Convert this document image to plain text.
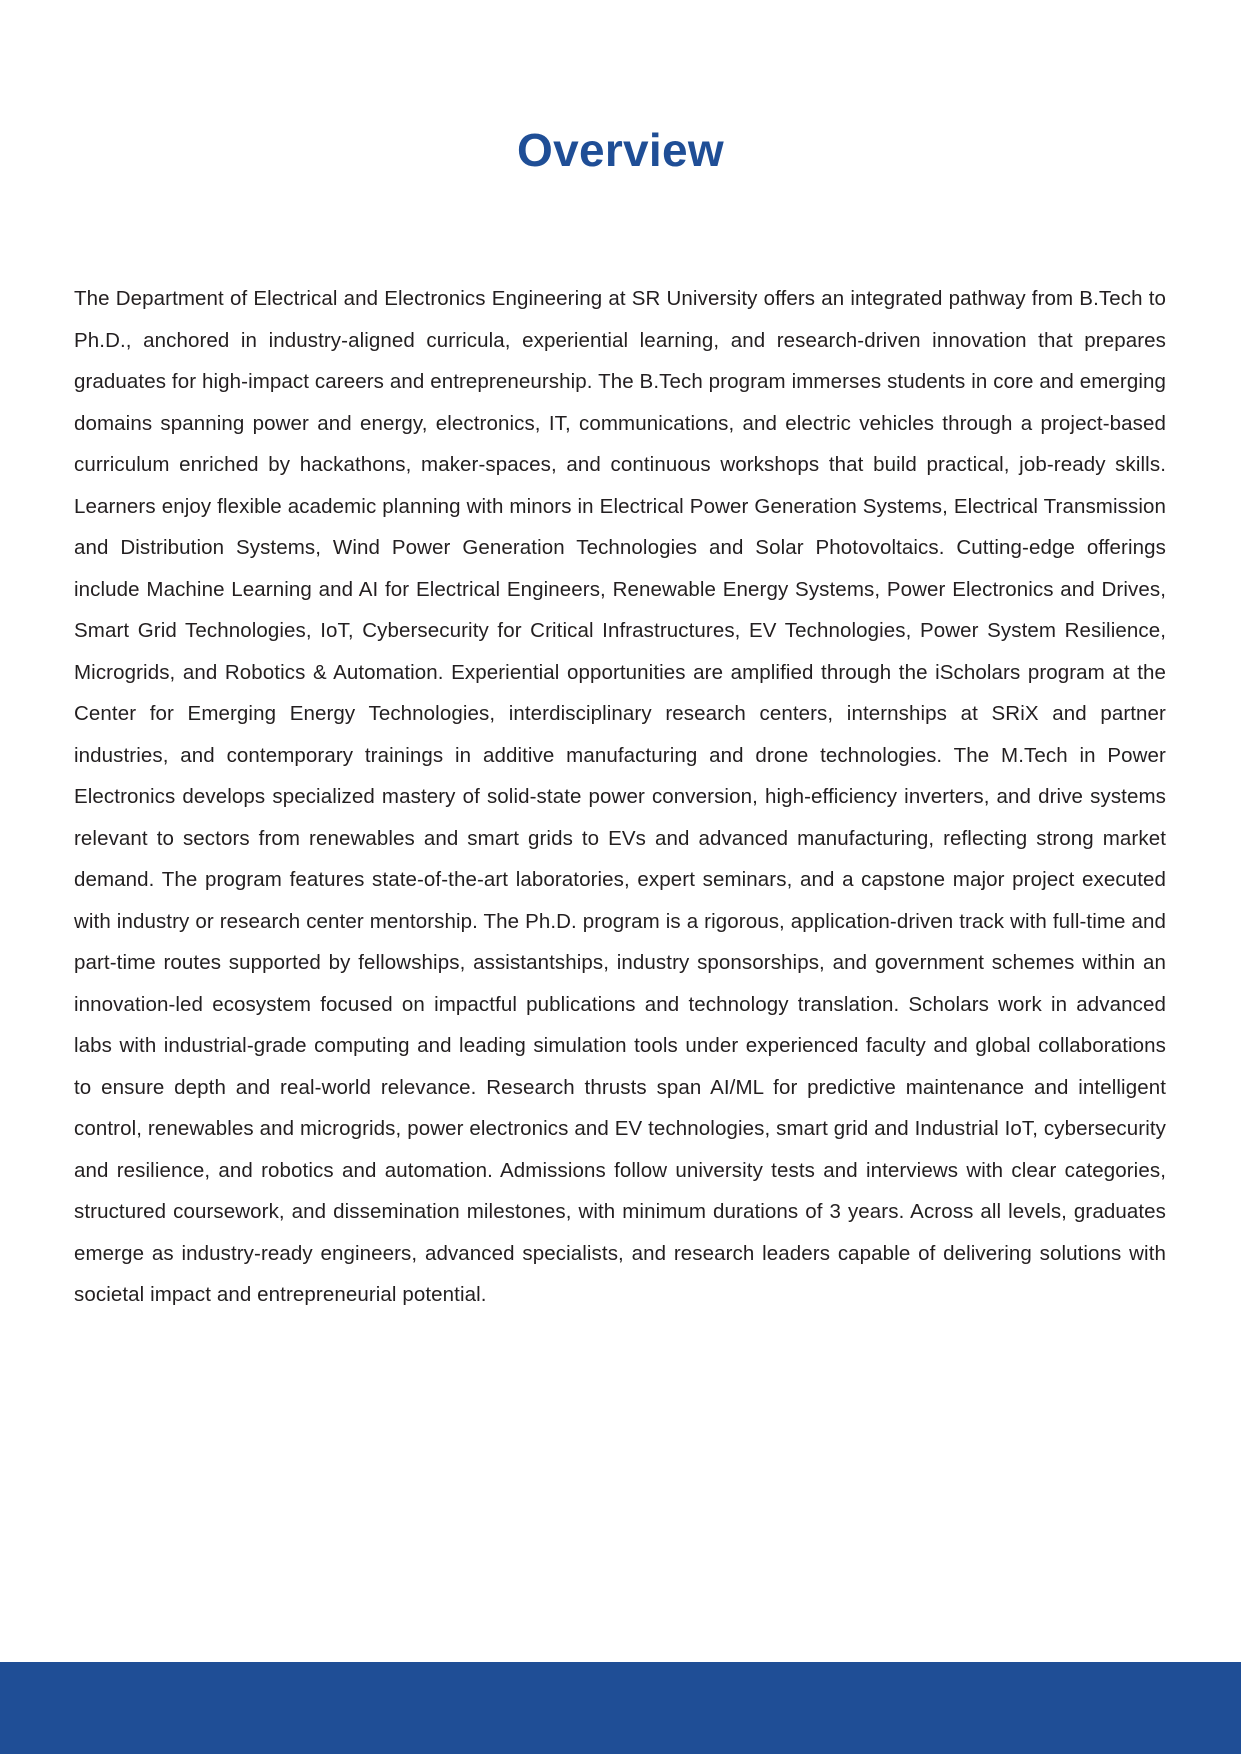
Overview

The Department of Electrical and Electronics Engineering at SR University offers an integrated pathway from B.Tech to Ph.D., anchored in industry-aligned curricula, experiential learning, and research-driven innovation that prepares graduates for high-impact careers and entrepreneurship. The B.Tech program immerses students in core and emerging domains spanning power and energy, electronics, IT, communications, and electric vehicles through a project-based curriculum enriched by hackathons, maker-spaces, and continuous workshops that build practical, job-ready skills. Learners enjoy flexible academic planning with minors in Electrical Power Generation Systems, Electrical Transmission and Distribution Systems, Wind Power Generation Technologies and Solar Photovoltaics. Cutting-edge offerings include Machine Learning and AI for Electrical Engineers, Renewable Energy Systems, Power Electronics and Drives, Smart Grid Technologies, IoT, Cybersecurity for Critical Infrastructures, EV Technologies, Power System Resilience, Microgrids, and Robotics & Automation. Experiential opportunities are amplified through the iScholars program at the Center for Emerging Energy Technologies, interdisciplinary research centers, internships at SRiX and partner industries, and contemporary trainings in additive manufacturing and drone technologies. The M.Tech in Power Electronics develops specialized mastery of solid-state power conversion, high-efficiency inverters, and drive systems relevant to sectors from renewables and smart grids to EVs and advanced manufacturing, reflecting strong market demand. The program features state-of-the-art laboratories, expert seminars, and a capstone major project executed with industry or research center mentorship. The Ph.D. program is a rigorous, application-driven track with full-time and part-time routes supported by fellowships, assistantships, industry sponsorships, and government schemes within an innovation-led ecosystem focused on impactful publications and technology translation. Scholars work in advanced labs with industrial-grade computing and leading simulation tools under experienced faculty and global collaborations to ensure depth and real-world relevance. Research thrusts span AI/ML for predictive maintenance and intelligent control, renewables and microgrids, power electronics and EV technologies, smart grid and Industrial IoT, cybersecurity and resilience, and robotics and automation. Admissions follow university tests and interviews with clear categories, structured coursework, and dissemination milestones, with minimum durations of 3 years. Across all levels, graduates emerge as industry-ready engineers, advanced specialists, and research leaders capable of delivering solutions with societal impact and entrepreneurial potential.
